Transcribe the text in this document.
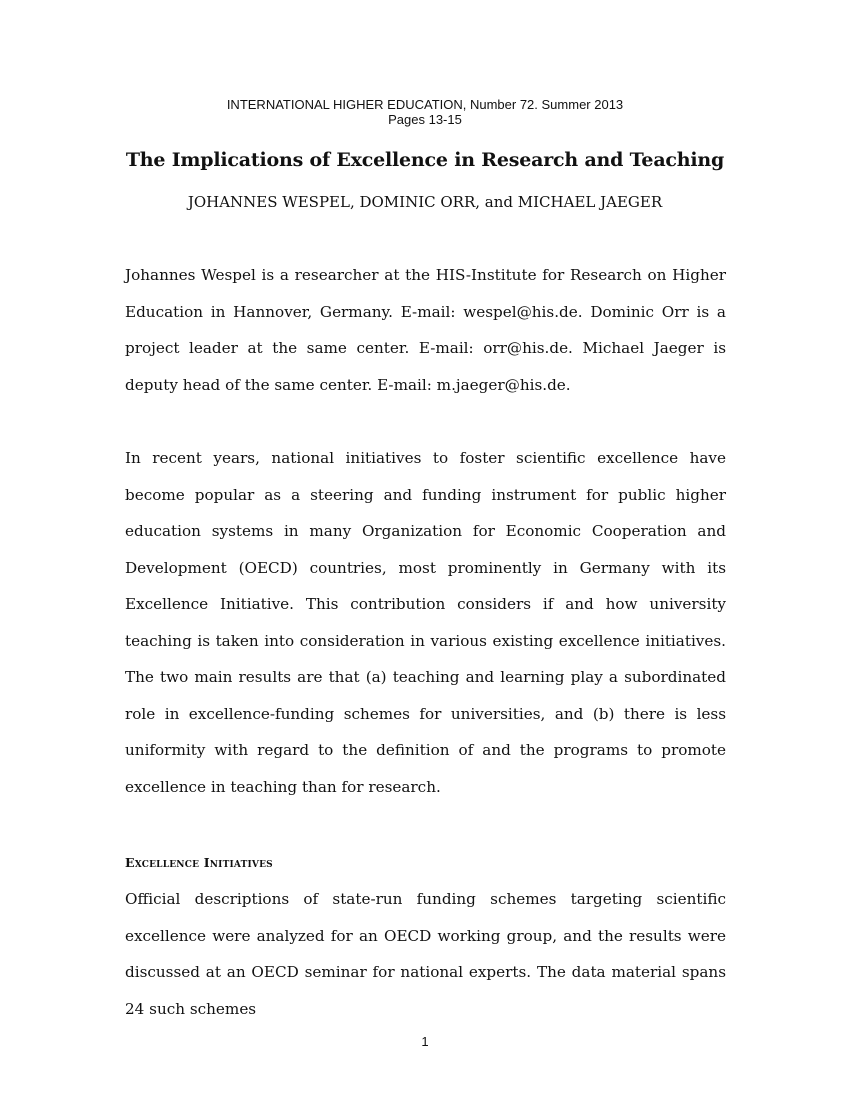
INTERNATIONAL HIGHER EDUCATION, Number 72. Summer 2013
Pages 13-15
The Implications of Excellence in Research and Teaching
JOHANNES WESPEL, DOMINIC ORR, and MICHAEL JAEGER

Johannes Wespel is a researcher at the HIS-Institute for Research on Higher Education in Hannover, Germany. E-mail: wespel@his.de. Dominic Orr is a project leader at the same center. E-mail: orr@his.de. Michael Jaeger is deputy head of the same center. E-mail: m.jaeger@his.de.

In recent years, national initiatives to foster scientific excellence have become popular as a steering and funding instrument for public higher education systems in many Organization for Economic Cooperation and Development (OECD) countries, most prominently in Germany with its Excellence Initiative. This contribution considers if and how university teaching is taken into consideration in various existing excellence initiatives. The two main results are that (a) teaching and learning play a subordinated role in excellence-funding schemes for universities, and (b) there is less uniformity with regard to the definition of and the programs to promote excellence in teaching than for research.

Excellence Initiatives

Official descriptions of state-run funding schemes targeting scientific excellence were analyzed for an OECD working group, and the results were discussed at an OECD seminar for national experts. The data material spans 24 such schemes

1
